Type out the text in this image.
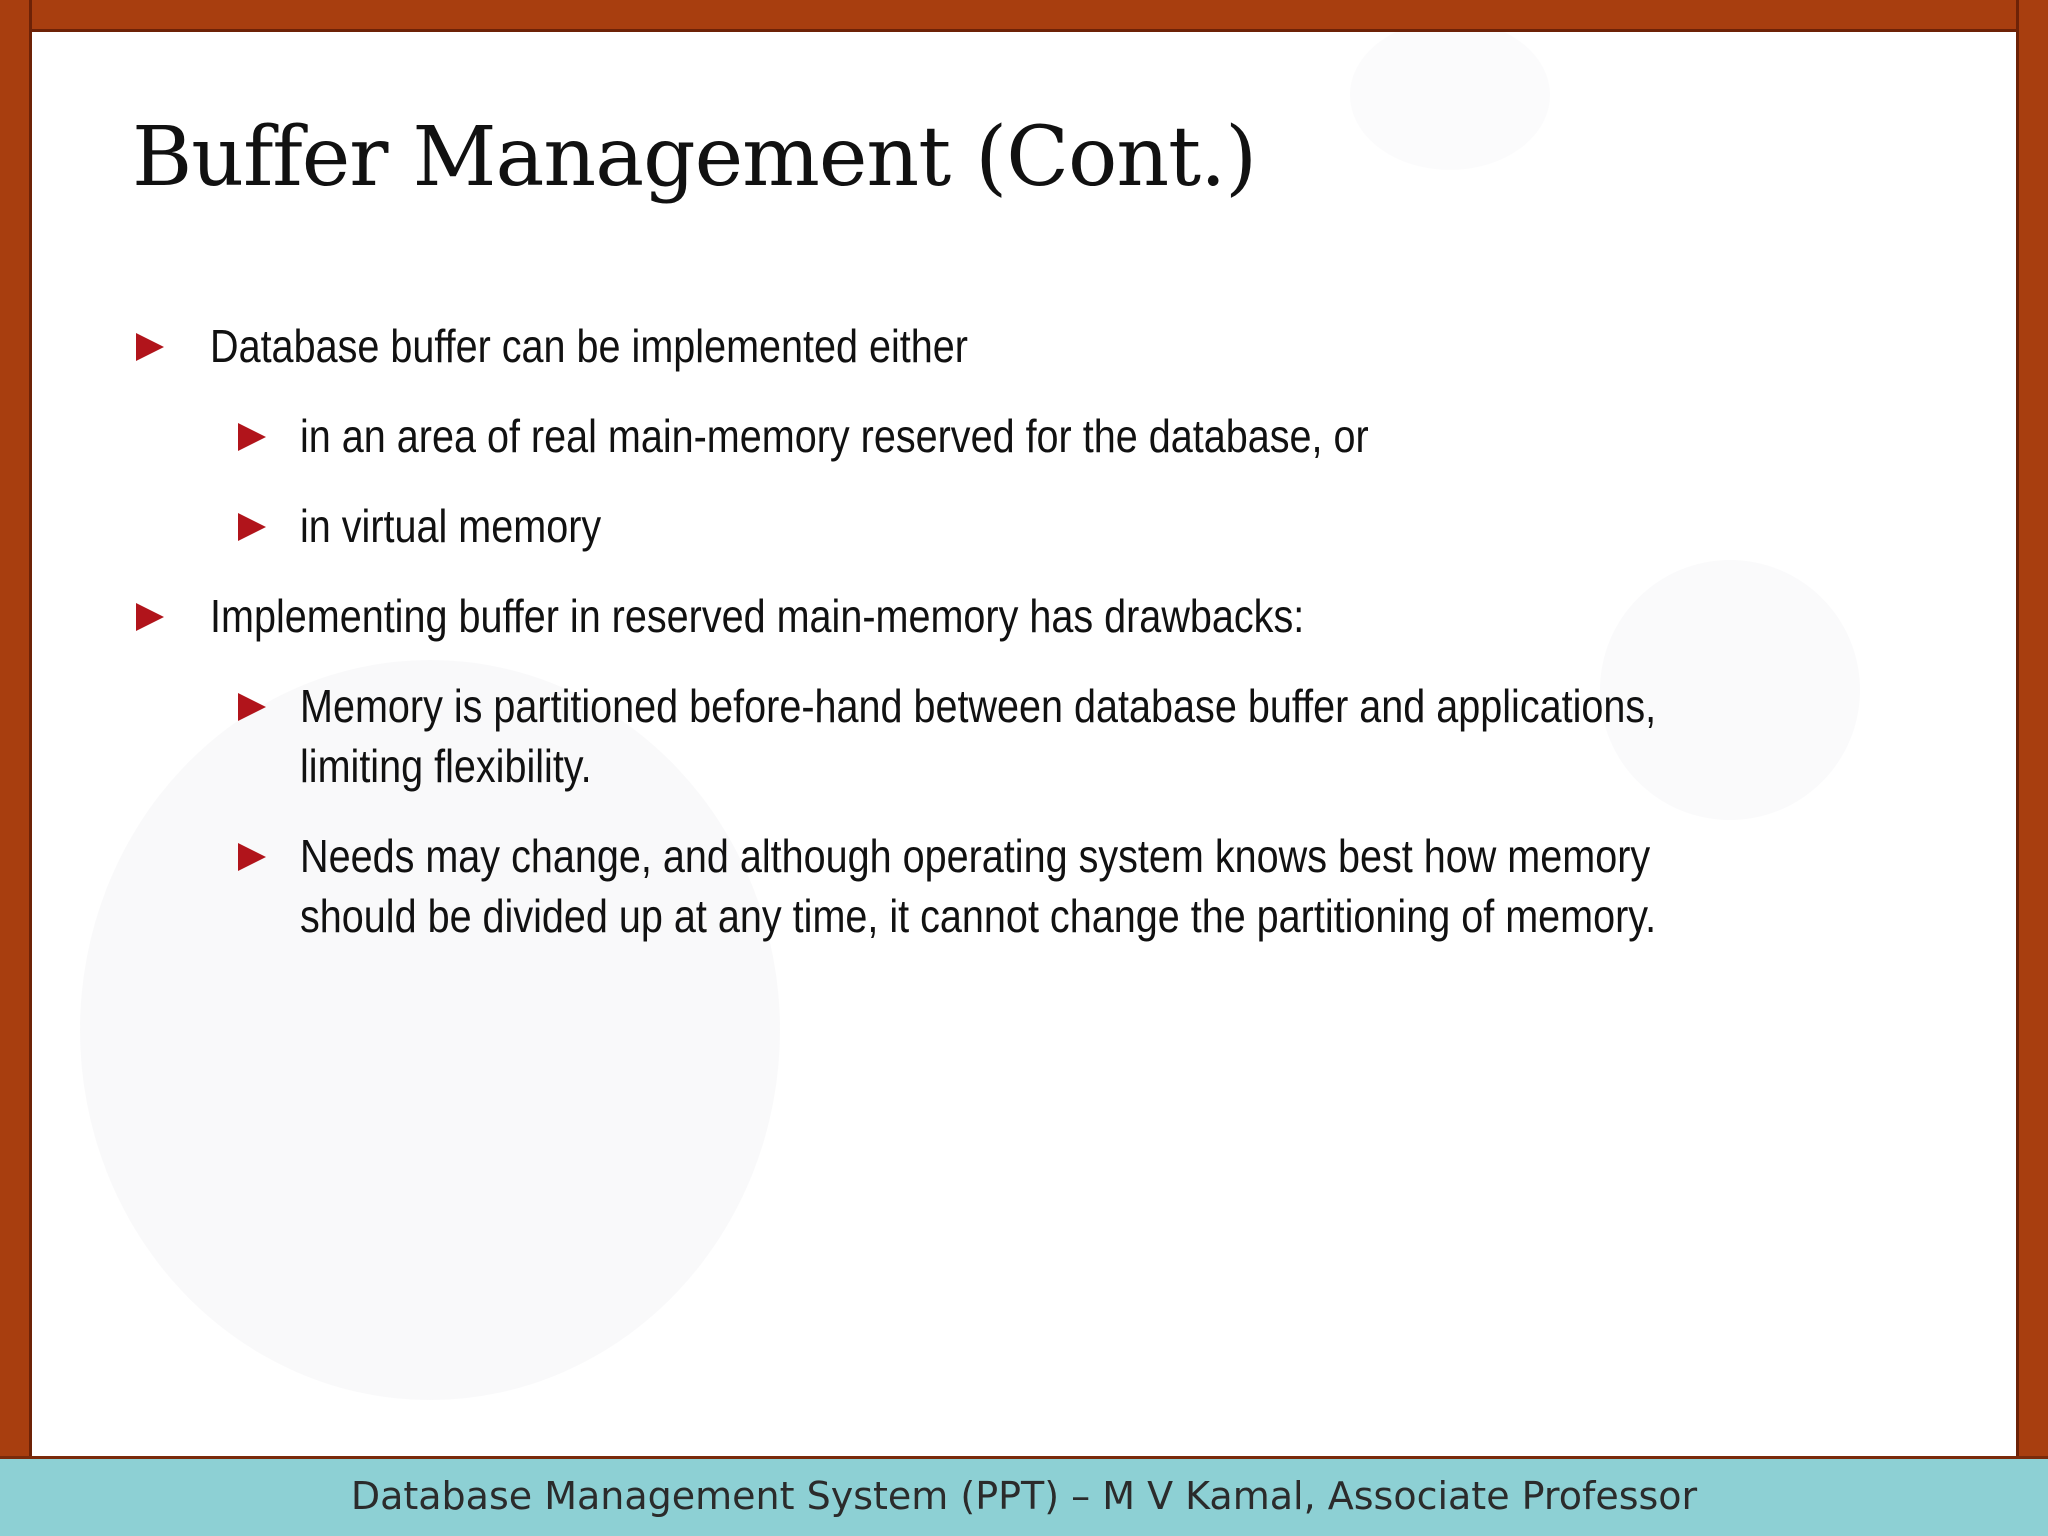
Buffer Management (Cont.)
Database buffer can be implemented either
in an area of real main-memory reserved for the database, or
in virtual memory
Implementing buffer in reserved main-memory has drawbacks:
Memory is partitioned before-hand between database buffer and applications, limiting flexibility.
Needs may change, and although operating system knows best how memory should be divided up at any time, it cannot change the partitioning of memory.
Database Management System (PPT) – M V Kamal, Associate Professor
